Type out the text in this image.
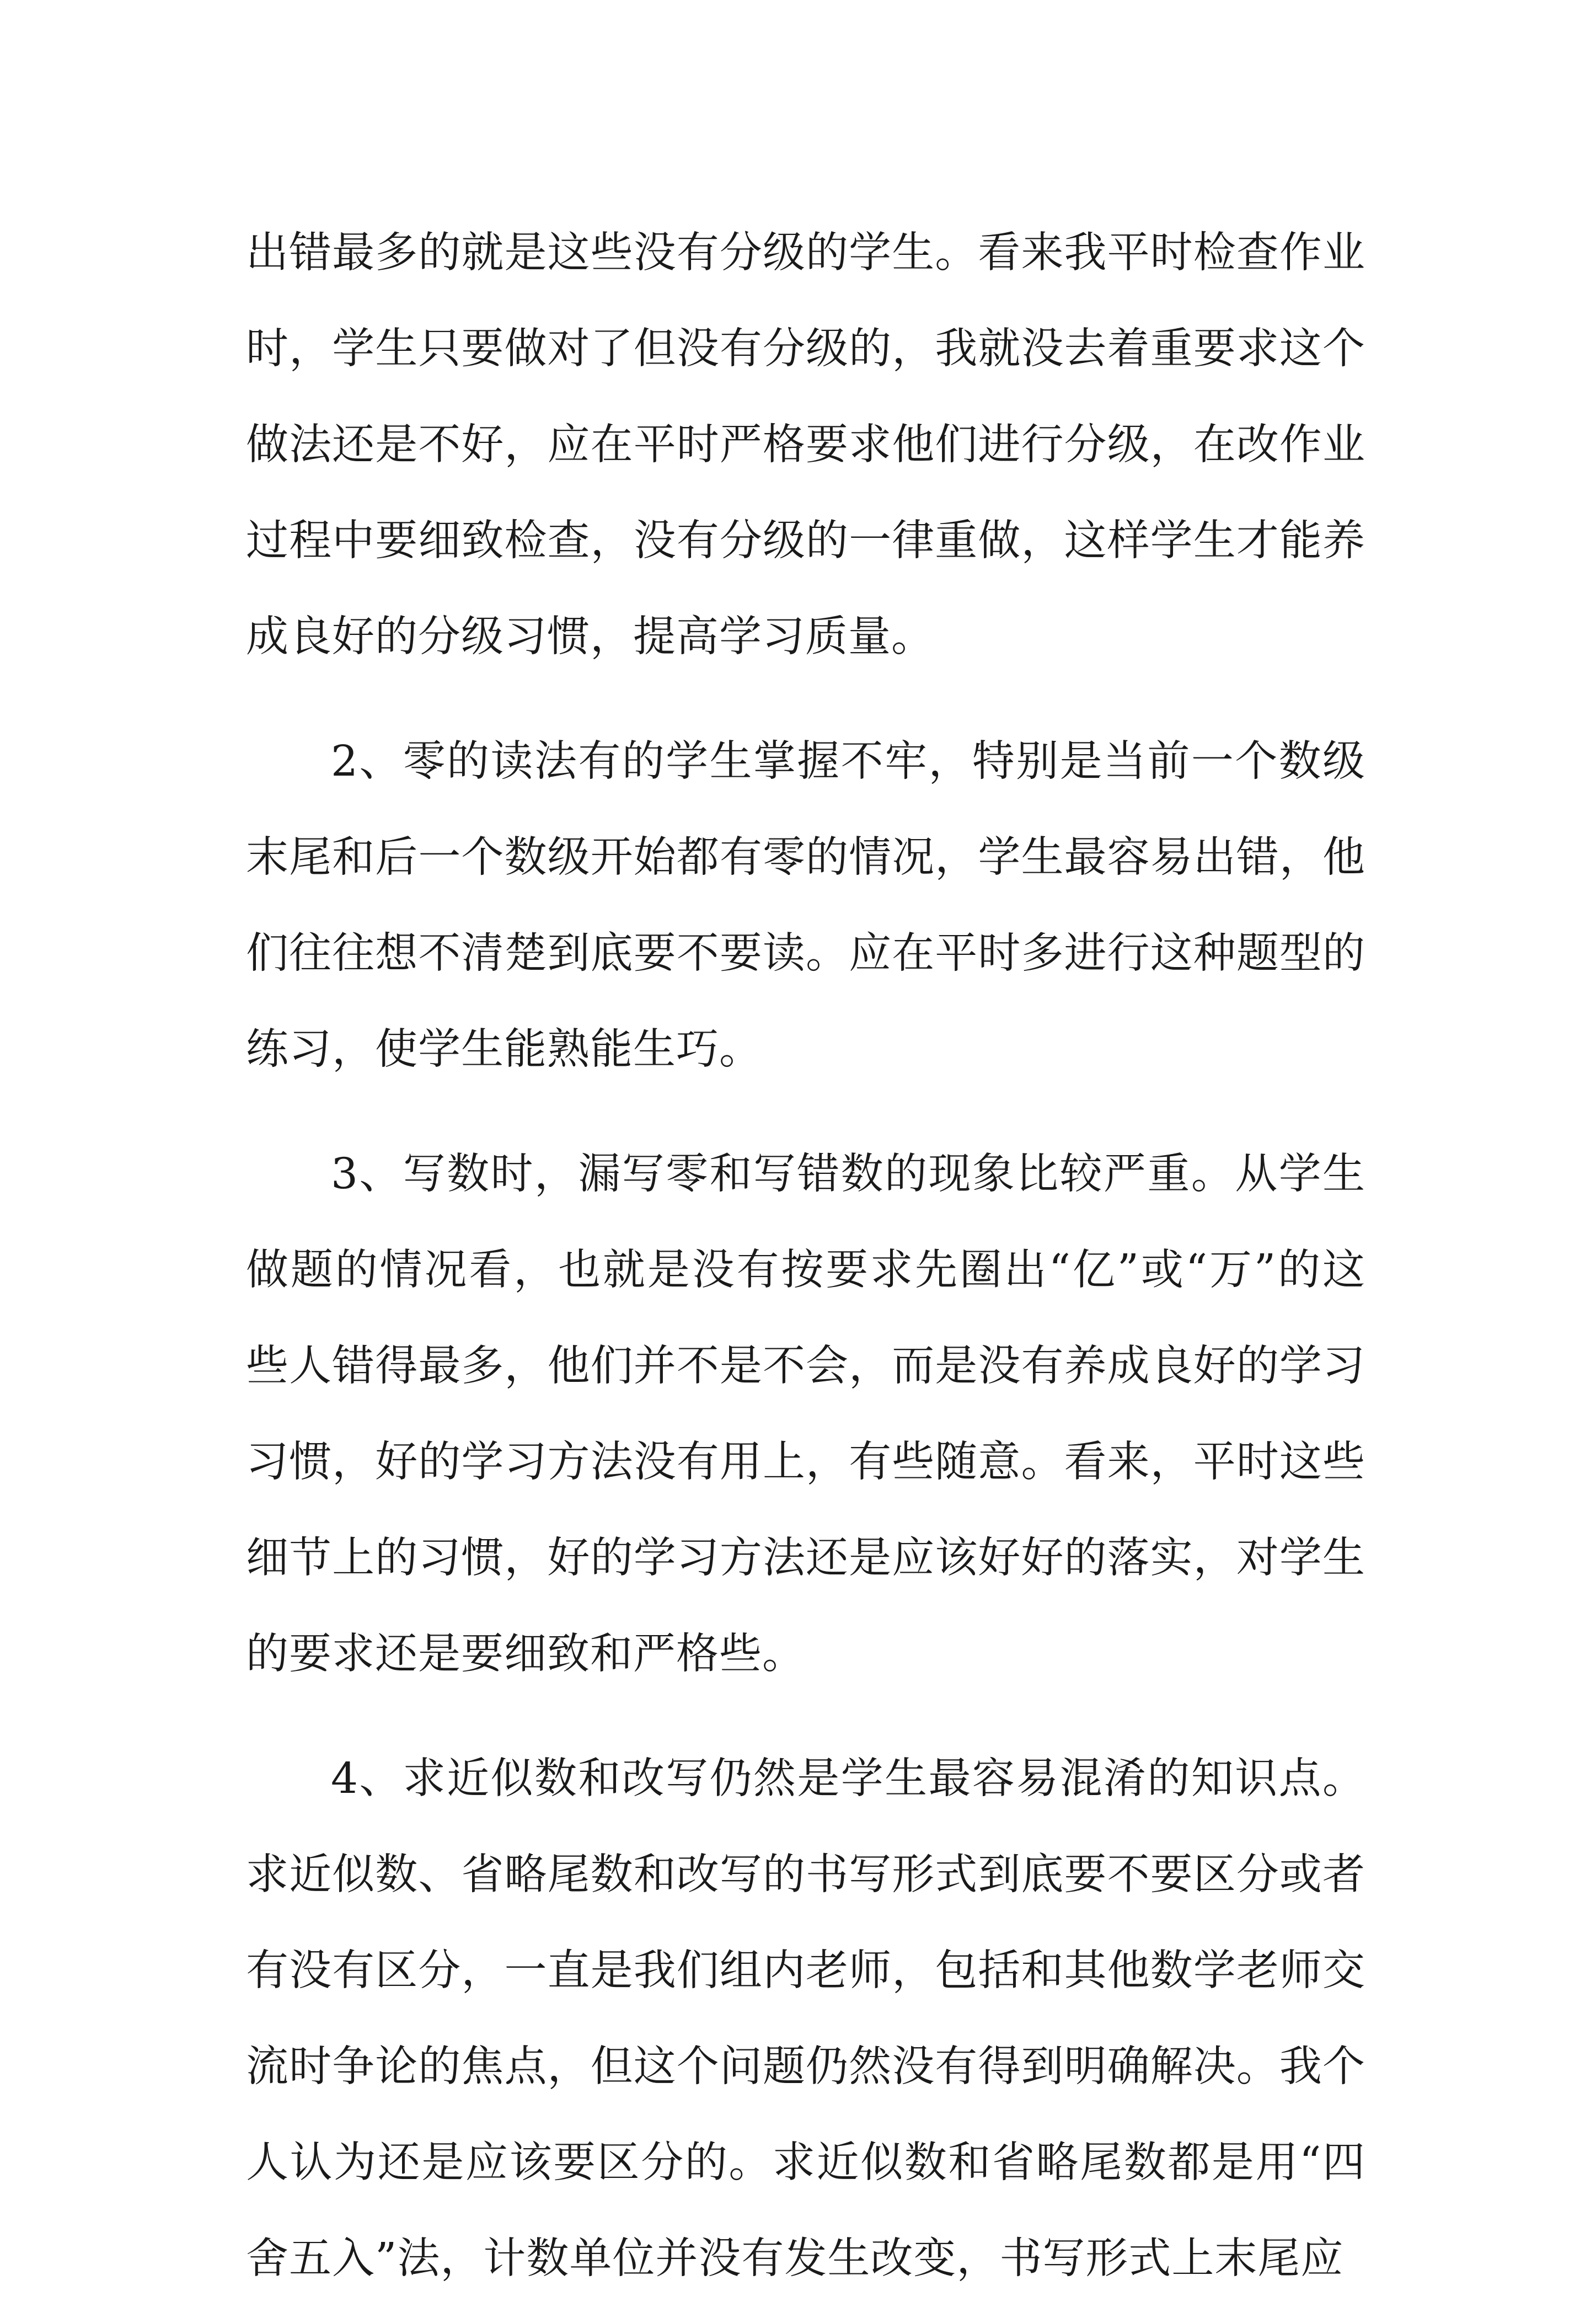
出错最多的就是这些没有分级的学生。看来我平时检查作业时，学生只要做对了但没有分级的，我就没去着重要求这个做法还是不好，应在平时严格要求他们进行分级，在改作业过程中要细致检查，没有分级的一律重做，这样学生才能养成良好的分级习惯，提高学习质量。

2、零的读法有的学生掌握不牢，特别是当前一个数级末尾和后一个数级开始都有零的情况，学生最容易出错，他们往往想不清楚到底要不要读。应在平时多进行这种题型的练习，使学生能熟能生巧。

3、写数时，漏写零和写错数的现象比较严重。从学生做题的情况看，也就是没有按要求先圈出“亿”或“万”的这些人错得最多，他们并不是不会，而是没有养成良好的学习习惯，好的学习方法没有用上，有些随意。看来，平时这些细节上的习惯，好的学习方法还是应该好好的落实，对学生的要求还是要细致和严格些。

4、求近似数和改写仍然是学生最容易混淆的知识点。求近似数、省略尾数和改写的书写形式到底要不要区分或者有没有区分，一直是我们组内老师，包括和其他数学老师交流时争论的焦点，但这个问题仍然没有得到明确解决。我个人认为还是应该要区分的。求近似数和省略尾数都是用“四舍五入”法，计数单位并没有发生改变，书写形式上末尾应
